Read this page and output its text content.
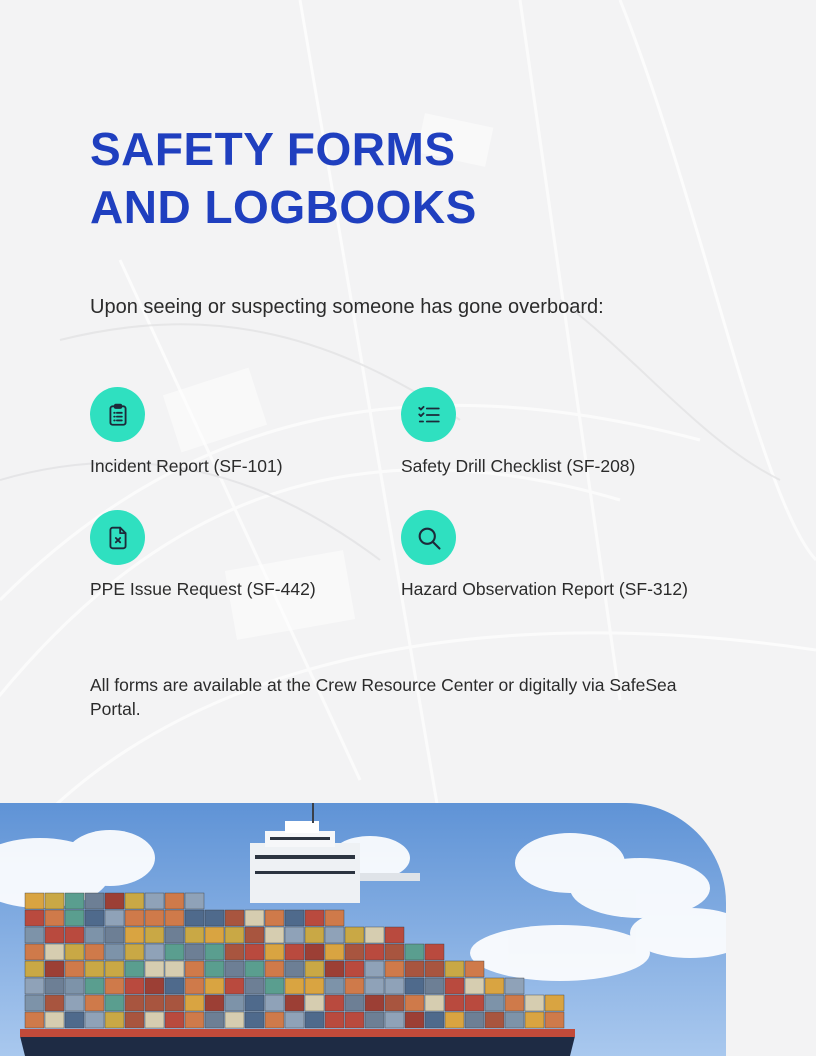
SAFETY FORMS
AND LOGBOOKS
Upon seeing or suspecting someone has gone overboard:
Incident Report (SF-101)	Safety Drill Checklist (SF-208)
PPE Issue Request (SF-442)	Hazard Observation Report (SF-312)
All forms are available at the Crew Resource Center or digitally via SafeSea Portal.
